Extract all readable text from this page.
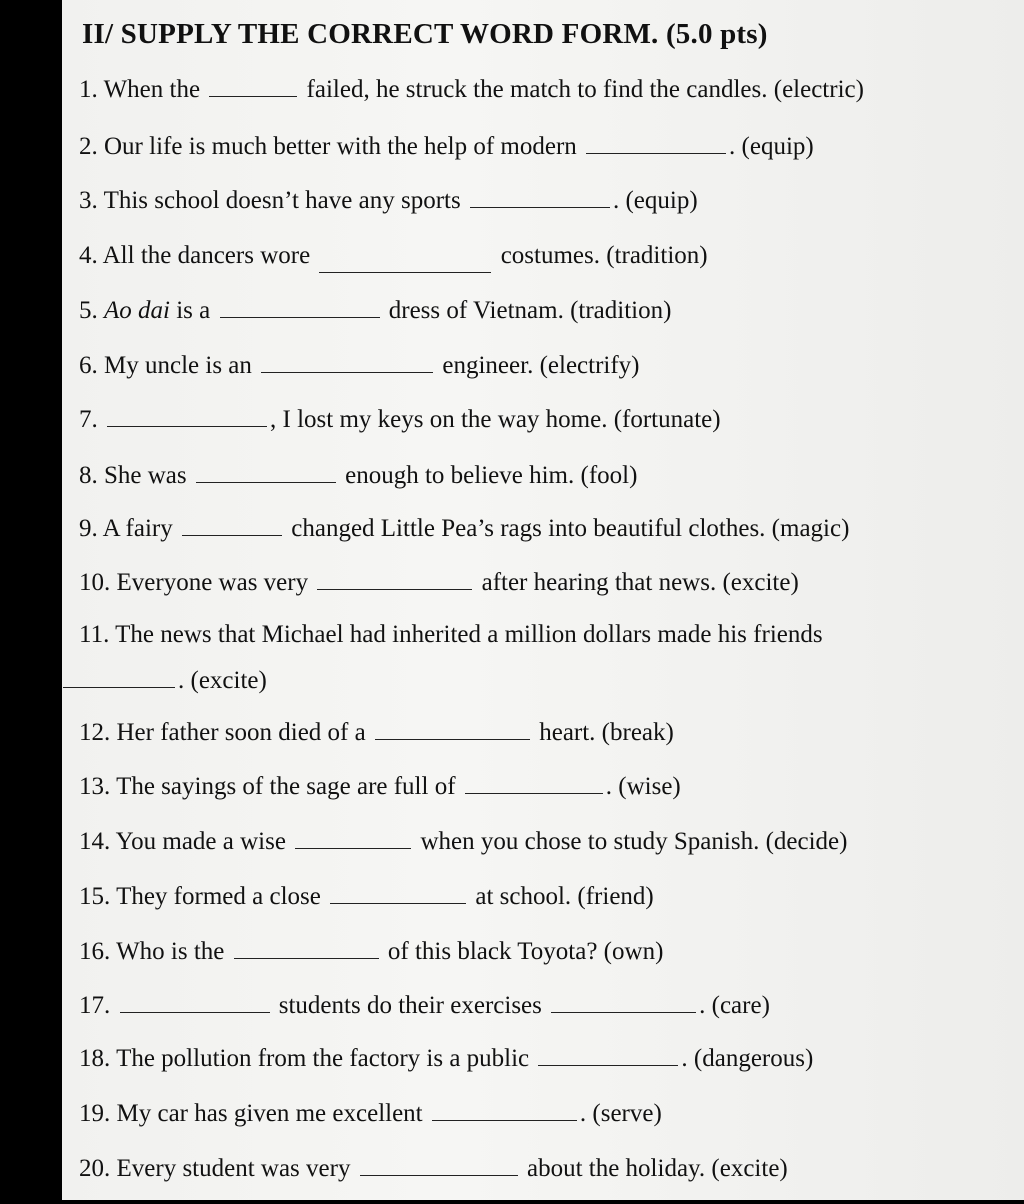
II/ SUPPLY THE CORRECT WORD FORM. (5.0 pts)
1. When the	failed, he struck the match to find the candles. (electric)
2. Our life is much better with the help of modern	. (equip)
3. This school doesn’t have any sports	. (equip)
4. All the dancers wore	costumes. (tradition)
5. Ao dai is a	dress of Vietnam. (tradition)
6. My uncle is an	engineer. (electrify)
7.	, I lost my keys on the way home. (fortunate)
8. She was	enough to believe him. (fool)
9. A fairy	changed Little Pea’s rags into beautiful clothes. (magic)
10. Everyone was very	after hearing that news. (excite)
11. The news that Michael had inherited a million dollars made his friends
. (excite)
12. Her father soon died of a	heart. (break)
13. The sayings of the sage are full of	. (wise)
14. You made a wise	when you chose to study Spanish. (decide)
15. They formed a close	at school. (friend)
16. Who is the	of this black Toyota? (own)
17.	students do their exercises	. (care)
18. The pollution from the factory is a public	. (dangerous)
19. My car has given me excellent	. (serve)
20. Every student was very	about the holiday. (excite)
